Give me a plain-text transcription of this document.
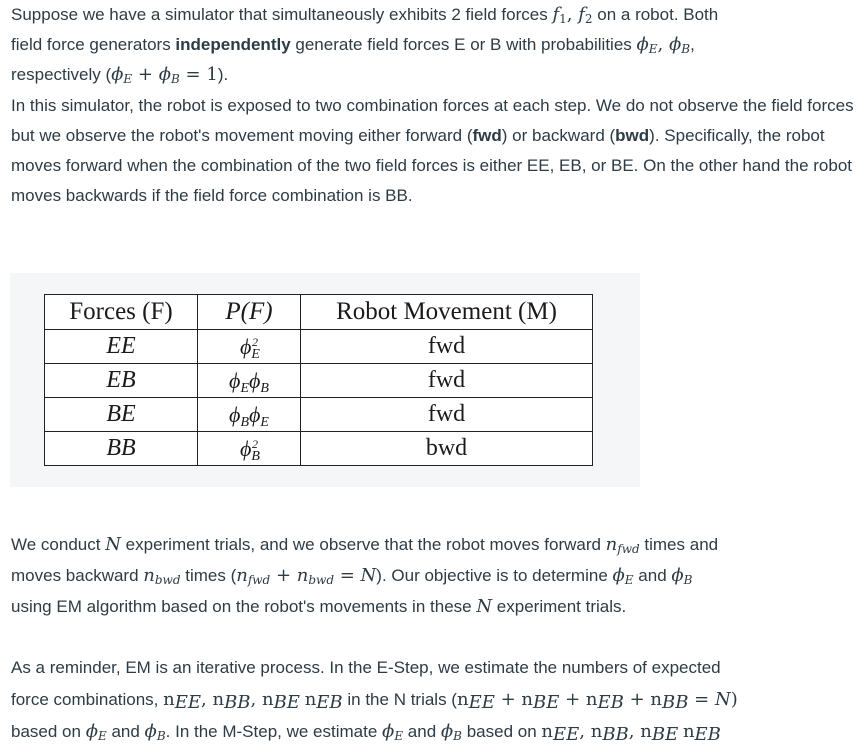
Suppose we have a simulator that simultaneously exhibits 2 field forces $f_1$, $f_2$ on a robot. Both
field force generators independently generate field forces E or B with probabilities $\phi_E$, $\phi_B$,
respectively $(\phi_E + \phi_B = 1)$.

In this simulator, the robot is exposed to two combination forces at each step. We do not observe the field forces but we observe the robot's movement moving either forward (fwd) or backward (bwd). Specifically, the robot moves forward when the combination of the two field forces is either EE, EB, or BE. On the other hand the robot moves backwards if the field force combination is BB.

Forces (F)	P(F)	Robot Movement (M)
EE	$\phi_E^2$	fwd
EB	$\phi_E\phi_B$	fwd
BE	$\phi_B\phi_E$	fwd
BB	$\phi_B^2$	bwd

We conduct N experiment trials, and we observe that the robot moves forward $n_{fwd}$ times and
moves backward $n_{bwd}$ times $(n_{fwd} + n_{bwd} = N)$. Our objective is to determine $\phi_E$ and $\phi_B$
using EM algorithm based on the robot's movements in these N experiment trials.

As a reminder, EM is an iterative process. In the E-Step, we estimate the numbers of expected
force combinations, $n_{EE}$, $n_{BB}$, $n_{BE}$ $n_{EB}$ in the N trials $(n_{EE} + n_{BE} + n_{EB} + n_{BB} = N)$
based on $\phi_E$ and $\phi_B$. In the M-Step, we estimate $\phi_E$ and $\phi_B$ based on $n_{EE}$, $n_{BB}$, $n_{BE}$ $n_{EB}$
